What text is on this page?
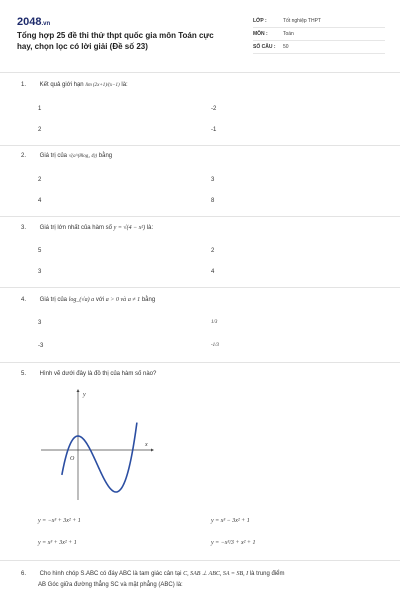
2048.vn
Tổng hợp 25 đề thi thử thpt quốc gia môn Toán cực hay, chọn lọc có lời giải (Đề số 23)
LỚP :	Tốt nghiệp THPT
MÔN :	Toán
SỐ CÂU :	50
1. Kết quả giới hạn lim (2x+1)/(x−1) là:
1	-2
2	-1
2. Giá trị của √(a^(8log₂ 4)) bằng
2	3
4	8
3. Giá trị lớn nhất của hàm số y = √(4 − x²) là:
5	2
3	4
4. Giá trị của log_(√a) a với a > 0 và a ≠ 1 bằng
3	1/3
-3	-1/3
5. Hình vẽ dưới đây là đồ thị của hàm số nào?
y
x
O
y = −x³ + 3x² + 1	y = x³ − 3x² + 1
y = x³ + 3x² + 1	y = −x³/3 + x² + 1
6. Cho hình chóp S.ABC có đáy ABC là tam giác cân tại C, SAB ⊥ ABC, SA = SB, I là trung điểm
AB Góc giữa đường thẳng SC và mặt phẳng (ABC) là:
